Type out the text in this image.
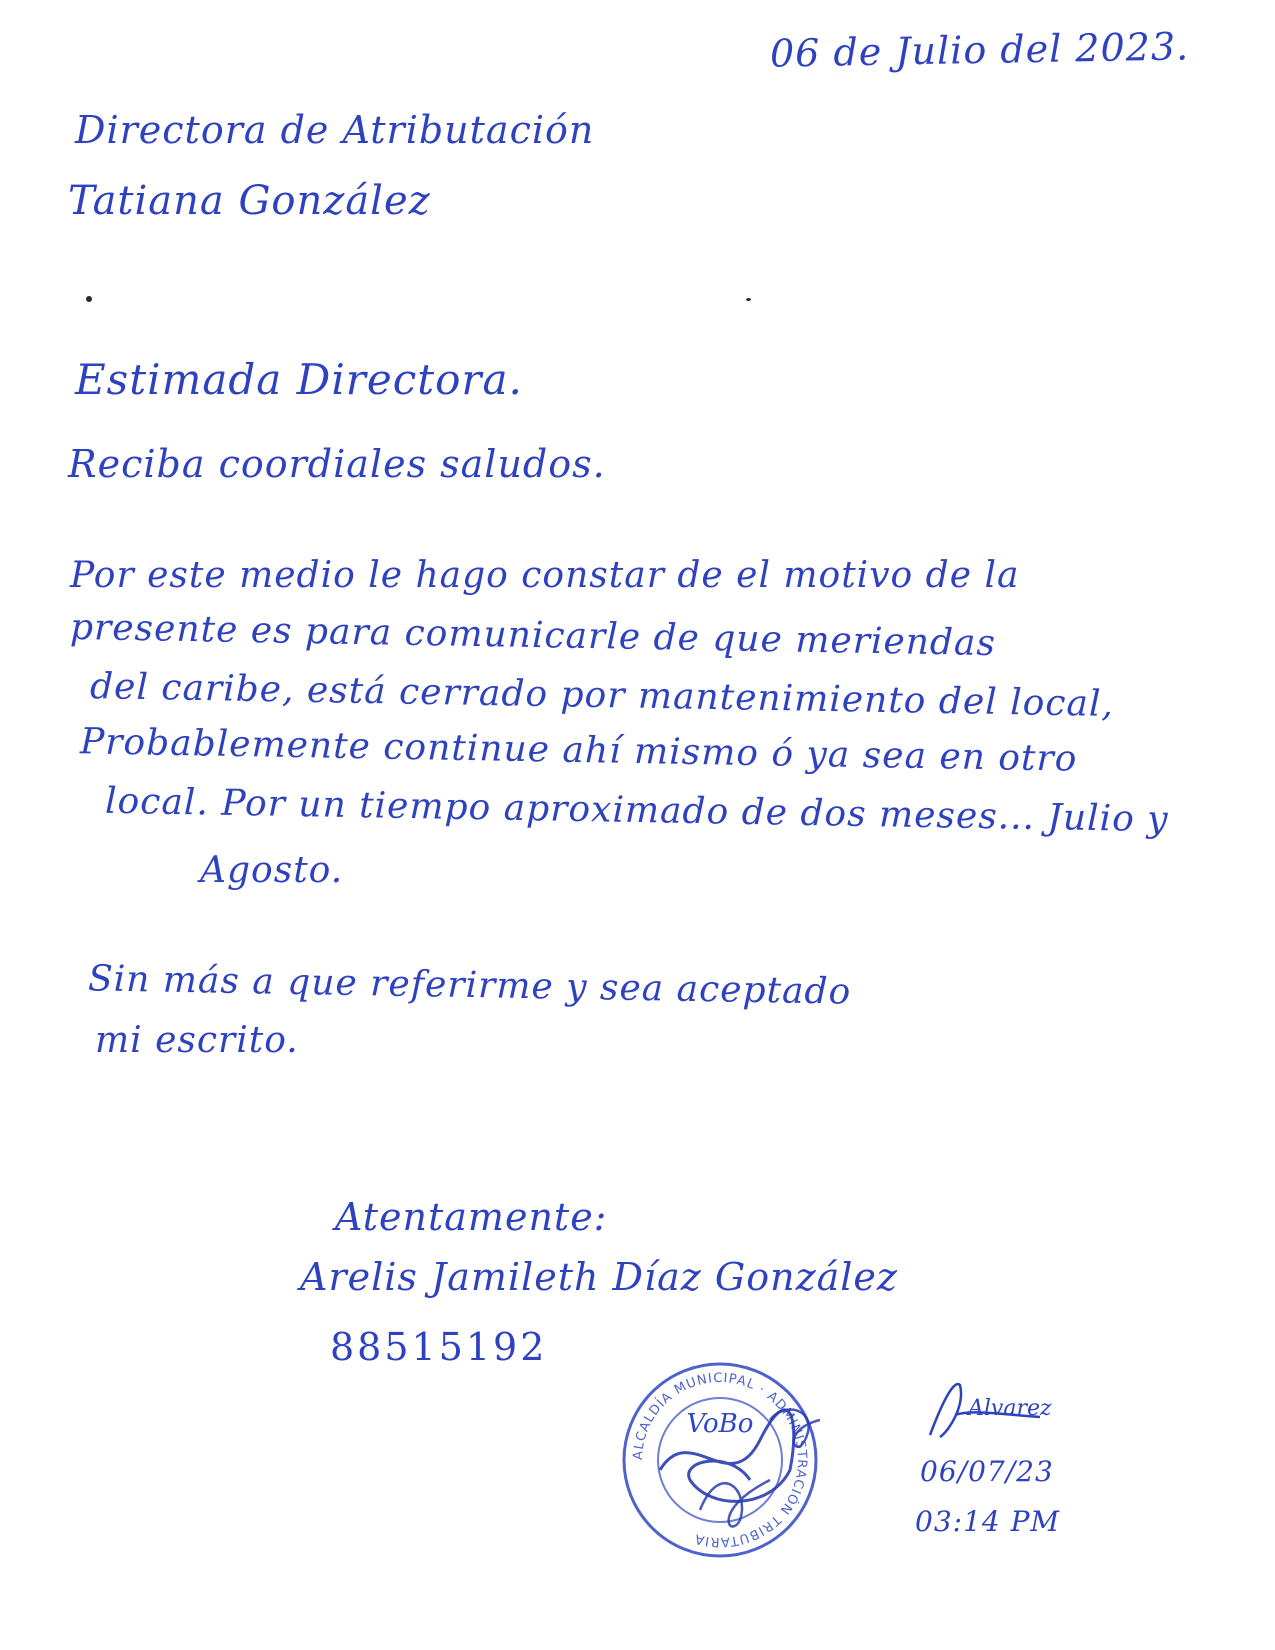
06 de Julio del 2023.
Directora de Atributación
Tatiana González
Estimada Directora.
Reciba coordiales saludos.
Por este medio le hago constar de el motivo de la
presente es para comunicarle de que meriendas
del caribe, está cerrado por mantenimiento del local,
Probablemente continue ahí mismo ó ya sea en otro
local. Por un tiempo aproximado de dos meses... Julio y
Agosto.
Sin más a que referirme y sea aceptado
mi escrito.
Atentamente:
Arelis Jamileth Díaz González
88515192
ALCALDÍA MUNICIPAL · ADMINISTRACIÓN TRIBUTARIA
VoBo
Alvarez
06/07/23
03:14 PM
